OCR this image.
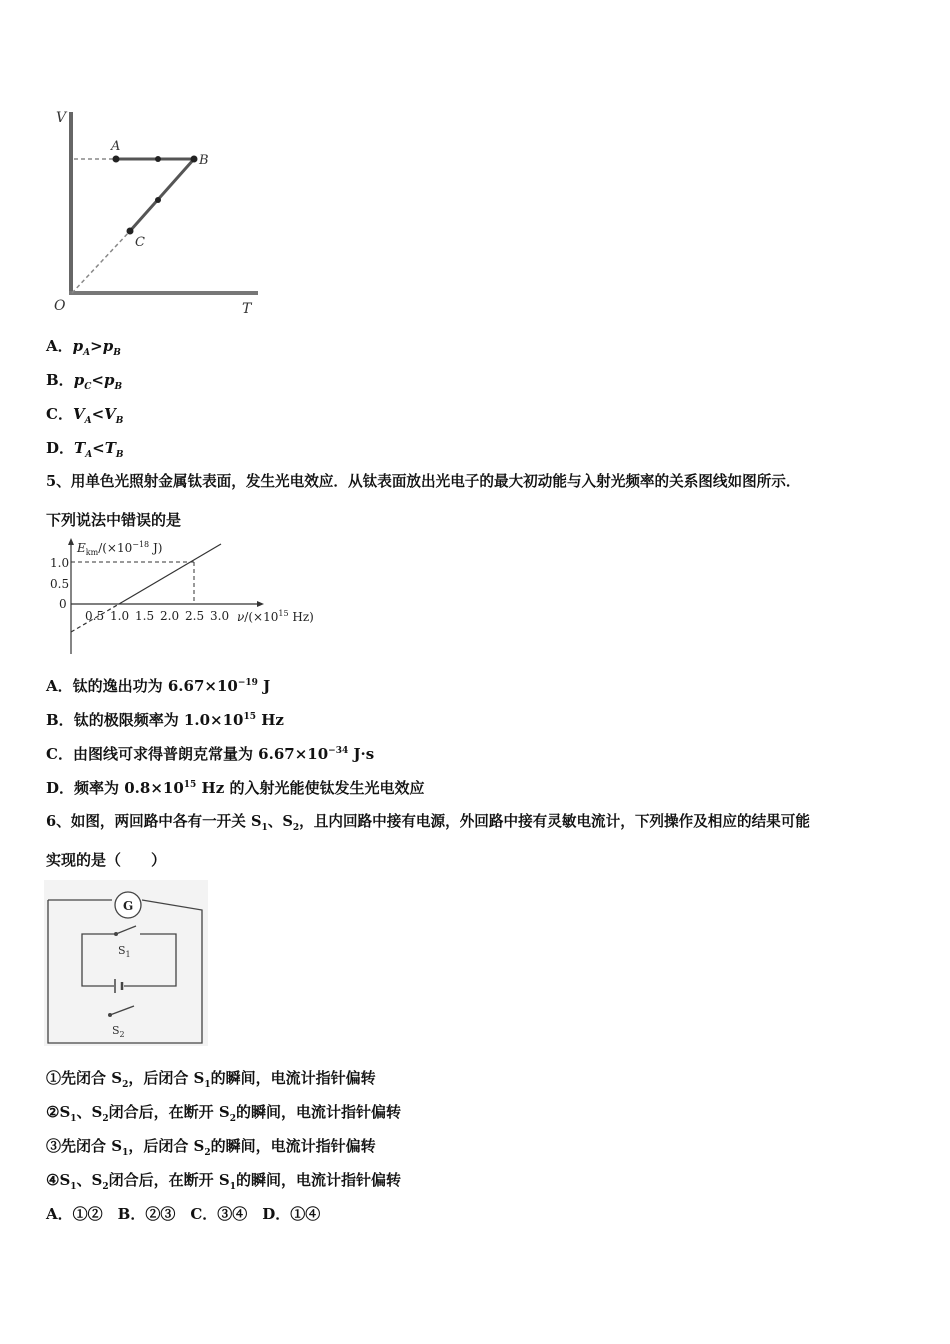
V
T
O
A
B
C
A．$p_A>p_B$
B．$p_C<p_B$
C．$V_A<V_B$
D．$T_A<T_B$
5、用单色光照射金属钛表面，发生光电效应．从钛表面放出光电子的最大初动能与入射光频率的关系图线如图所示．
下列说法中错误的是
1.0
0.5
0
0.5 1.0 1.5 2.0 2.5 3.0
$E_{km}/(\times 10^{-18}$ J)
$\nu/(\times 10^{15}$ Hz)
A．钛的逸出功为 $6.67\times 10^{-19}$ J
B．钛的极限频率为 $1.0\times 10^{15}$ Hz
C．由图线可求得普朗克常量为 $6.67\times 10^{-34}$ J·s
D．频率为 $0.8\times 10^{15}$ Hz 的入射光能使钛发生光电效应
6、如图，两回路中各有一开关 $S_1$、$S_2$，且内回路中接有电源，外回路中接有灵敏电流计，下列操作及相应的结果可能
实现的是（　　）
G
$S_2$
$S_1$
①先闭合 $S_2$，后闭合 $S_1$的瞬间，电流计指针偏转
$②S_1$、$S_2$闭合后，在断开 $S_2$的瞬间，电流计指针偏转
③先闭合 $S_1$，后闭合 $S_2$的瞬间，电流计指针偏转
$④S_1$、$S_2$闭合后，在断开 $S_1$的瞬间，电流计指针偏转
A．①②　B．②③　C．③④　D．①④
